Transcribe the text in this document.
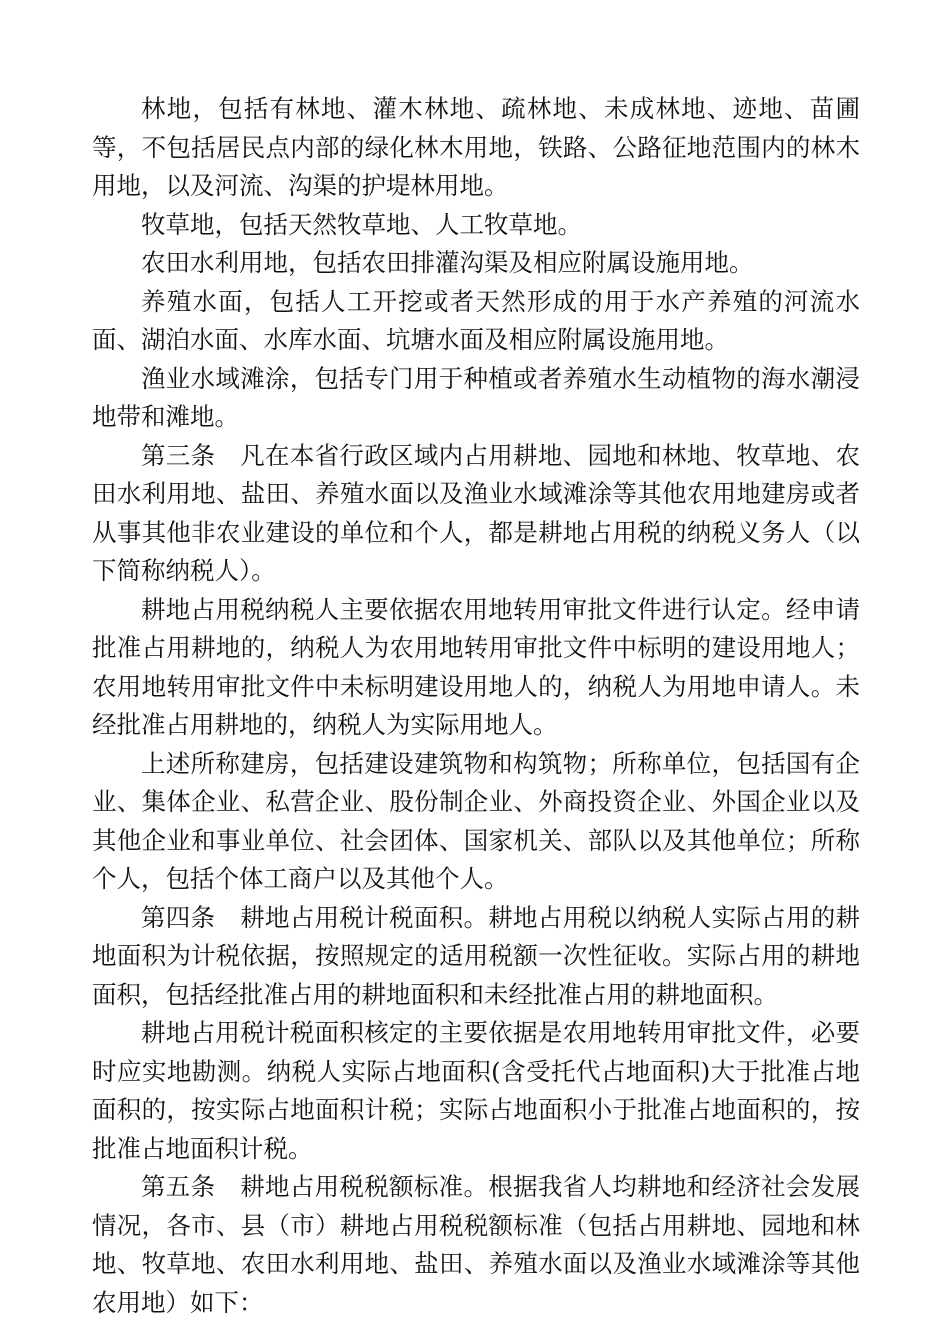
林地，包括有林地、灌木林地、疏林地、未成林地、迹地、苗圃等，不包括居民点内部的绿化林木用地，铁路、公路征地范围内的林木用地，以及河流、沟渠的护堤林用地。

牧草地，包括天然牧草地、人工牧草地。

农田水利用地，包括农田排灌沟渠及相应附属设施用地。

养殖水面，包括人工开挖或者天然形成的用于水产养殖的河流水面、湖泊水面、水库水面、坑塘水面及相应附属设施用地。

渔业水域滩涂，包括专门用于种植或者养殖水生动植物的海水潮浸地带和滩地。

第三条　凡在本省行政区域内占用耕地、园地和林地、牧草地、农田水利用地、盐田、养殖水面以及渔业水域滩涂等其他农用地建房或者从事其他非农业建设的单位和个人，都是耕地占用税的纳税义务人（以下简称纳税人）。

耕地占用税纳税人主要依据农用地转用审批文件进行认定。经申请批准占用耕地的，纳税人为农用地转用审批文件中标明的建设用地人；农用地转用审批文件中未标明建设用地人的，纳税人为用地申请人。未经批准占用耕地的，纳税人为实际用地人。

上述所称建房，包括建设建筑物和构筑物；所称单位，包括国有企业、集体企业、私营企业、股份制企业、外商投资企业、外国企业以及其他企业和事业单位、社会团体、国家机关、部队以及其他单位；所称个人，包括个体工商户以及其他个人。

第四条　耕地占用税计税面积。耕地占用税以纳税人实际占用的耕地面积为计税依据，按照规定的适用税额一次性征收。实际占用的耕地面积，包括经批准占用的耕地面积和未经批准占用的耕地面积。

耕地占用税计税面积核定的主要依据是农用地转用审批文件，必要时应实地勘测。纳税人实际占地面积(含受托代占地面积)大于批准占地面积的，按实际占地面积计税；实际占地面积小于批准占地面积的，按批准占地面积计税。

第五条　耕地占用税税额标准。根据我省人均耕地和经济社会发展情况，各市、县（市）耕地占用税税额标准（包括占用耕地、园地和林地、牧草地、农田水利用地、盐田、养殖水面以及渔业水域滩涂等其他农用地）如下：
